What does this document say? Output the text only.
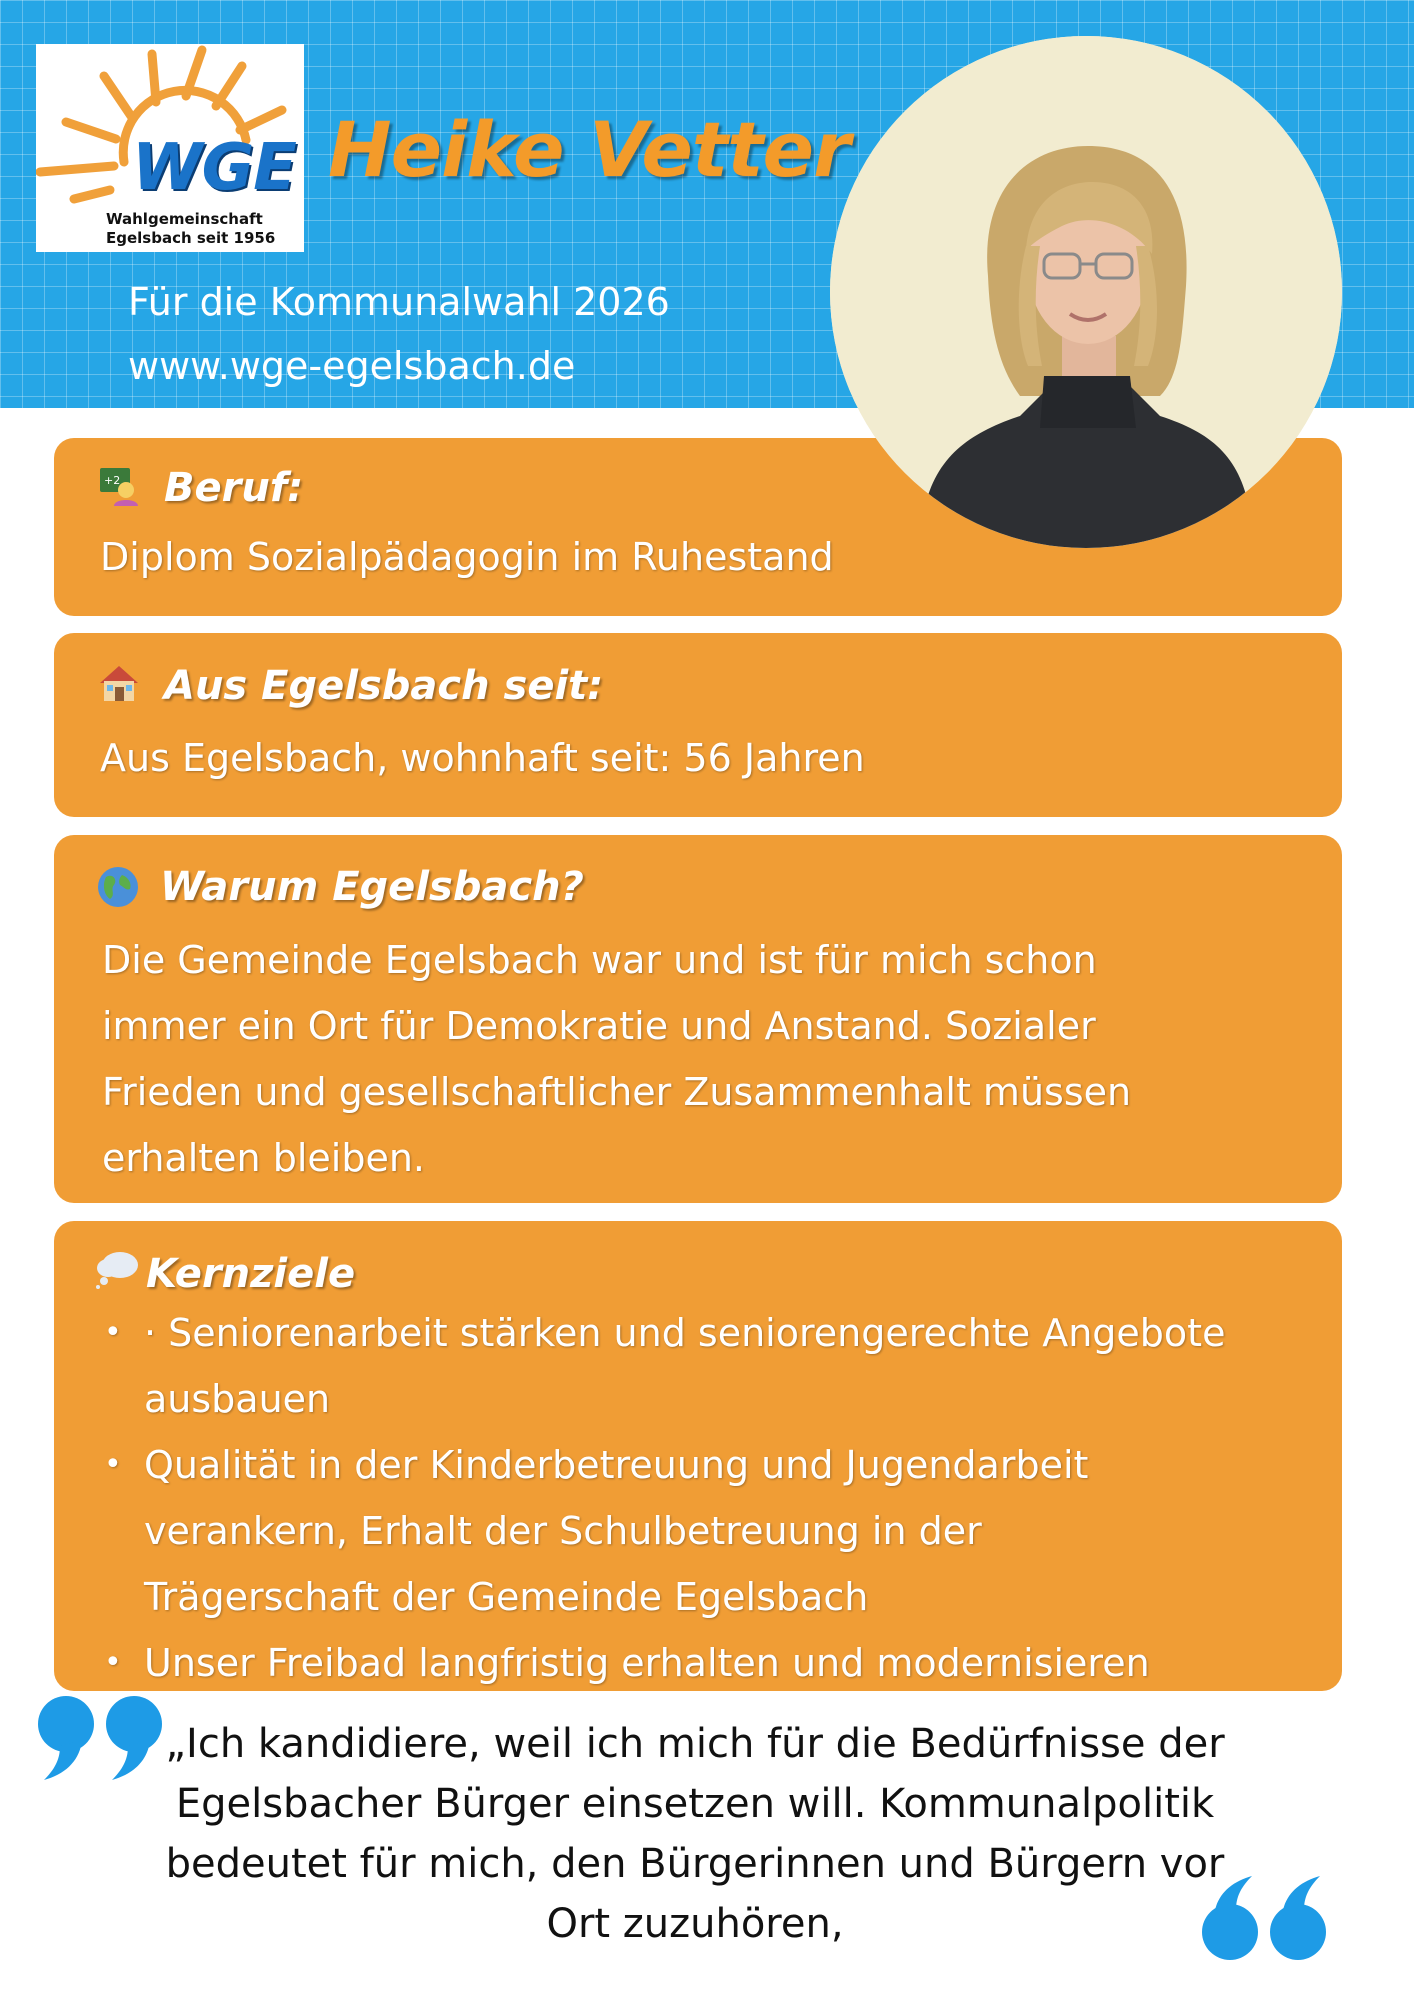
WGE

Wahlgemeinschaft

Egelsbach seit 1956

Heike Vetter

Für die Kommunalwahl 2026

www.wge-egelsbach.de

+2 Beruf:

Diplom Sozialpädagogin im Ruhestand

Aus Egelsbach seit:

Aus Egelsbach, wohnhaft seit: 56 Jahren

Warum Egelsbach?

Die Gemeinde Egelsbach war und ist für mich schon
immer ein Ort für Demokratie und Anstand. Sozialer
Frieden und gesellschaftlicher Zusammenhalt müssen
erhalten bleiben.

Kernziele
• · Seniorenarbeit stärken und seniorengerechte Angebote
ausbauen
• Qualität in der Kinderbetreuung und Jugendarbeit
verankern, Erhalt der Schulbetreuung in der
Trägerschaft der Gemeinde Egelsbach
• Unser Freibad langfristig erhalten und modernisieren

„Ich kandidiere, weil ich mich für die Bedürfnisse der
Egelsbacher Bürger einsetzen will. Kommunalpolitik
bedeutet für mich, den Bürgerinnen und Bürgern vor
Ort zuzuhören,
